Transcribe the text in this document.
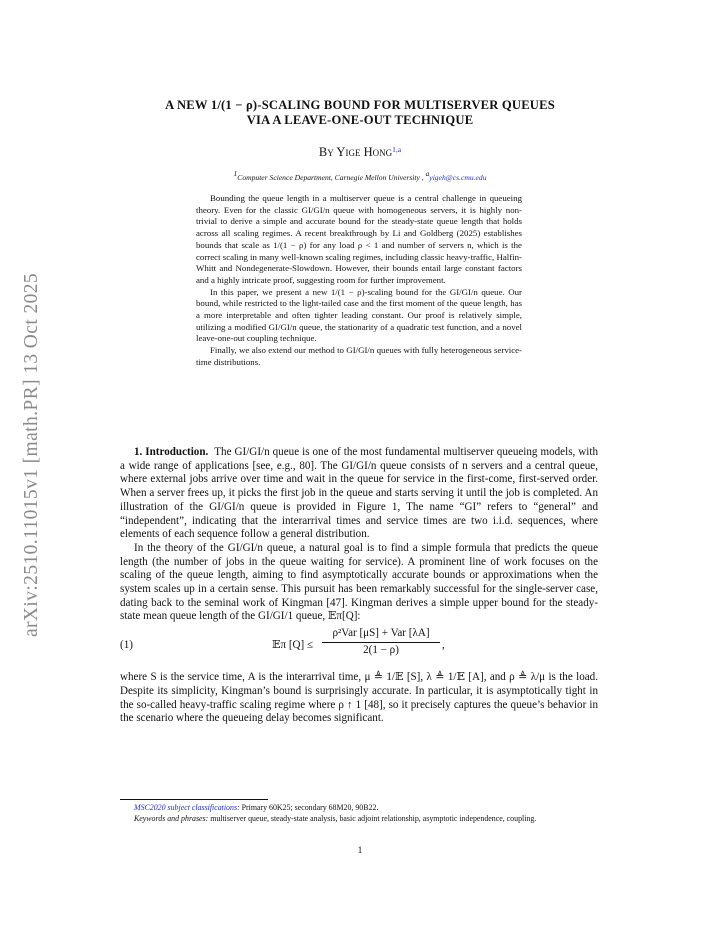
arXiv:2510.11015v1 [math.PR] 13 Oct 2025
A NEW 1/(1 − ρ)-SCALING BOUND FOR MULTISERVER QUEUES
VIA A LEAVE-ONE-OUT TECHNIQUE
By Yige Hong$^{1,a}$
$^1$Computer Science Department, Carnegie Mellon University , $^a$yigeh@cs.cmu.edu

Bounding the queue length in a multiserver queue is a central challenge in queueing theory. Even for the classic GI/GI/n queue with homogeneous servers, it is highly non-trivial to derive a simple and accurate bound for the steady-state queue length that holds across all scaling regimes. A recent breakthrough by Li and Goldberg (2025) establishes bounds that scale as 1/(1 − ρ) for any load ρ < 1 and number of servers n, which is the correct scaling in many well-known scaling regimes, including classic heavy-traffic, Halfin-Whitt and Nondegenerate-Slowdown. However, their bounds entail large constant factors and a highly intricate proof, suggesting room for further improvement.

In this paper, we present a new 1/(1 − ρ)-scaling bound for the GI/GI/n queue. Our bound, while restricted to the light-tailed case and the first moment of the queue length, has a more interpretable and often tighter leading constant. Our proof is relatively simple, utilizing a modified GI/GI/n queue, the stationarity of a quadratic test function, and a novel leave-one-out coupling technique.

Finally, we also extend our method to GI/GI/n queues with fully heterogeneous service-time distributions.

1. Introduction. The GI/GI/n queue is one of the most fundamental multiserver queueing models, with a wide range of applications [see, e.g., 80]. The GI/GI/n queue consists of n servers and a central queue, where external jobs arrive over time and wait in the queue for service in the first-come, first-served order. When a server frees up, it picks the first job in the queue and starts serving it until the job is completed. An illustration of the GI/GI/n queue is provided in Figure 1, The name “GI” refers to “general” and “independent”, indicating that the interarrival times and service times are two i.i.d. sequences, where elements of each sequence follow a general distribution.

In the theory of the GI/GI/n queue, a natural goal is to find a simple formula that predicts the queue length (the number of jobs in the queue waiting for service). A prominent line of work focuses on the scaling of the queue length, aiming to find asymptotically accurate bounds or approximations when the system scales up in a certain sense. This pursuit has been remarkably successful for the single-server case, dating back to the seminal work of Kingman [47]. Kingman derives a simple upper bound for the steady-state mean queue length of the GI/GI/1 queue, 𝔼π[Q]:

(1)	𝔼π [Q] ≤
ρ²Var [μS] + Var [λA]
2(1 − ρ)	,

where S is the service time, A is the interarrival time, μ ≜ 1/𝔼 [S], λ ≜ 1/𝔼 [A], and ρ ≜ λ/μ is the load. Despite its simplicity, Kingman’s bound is surprisingly accurate. In particular, it is asymptotically tight in the so-called heavy-traffic scaling regime where ρ ↑ 1 [48], so it precisely captures the queue’s behavior in the scenario where the queueing delay becomes significant.

MSC2020 subject classifications: Primary 60K25; secondary 68M20, 90B22.

Keywords and phrases: multiserver queue, steady-state analysis, basic adjoint relationship, asymptotic independence, coupling.

1
